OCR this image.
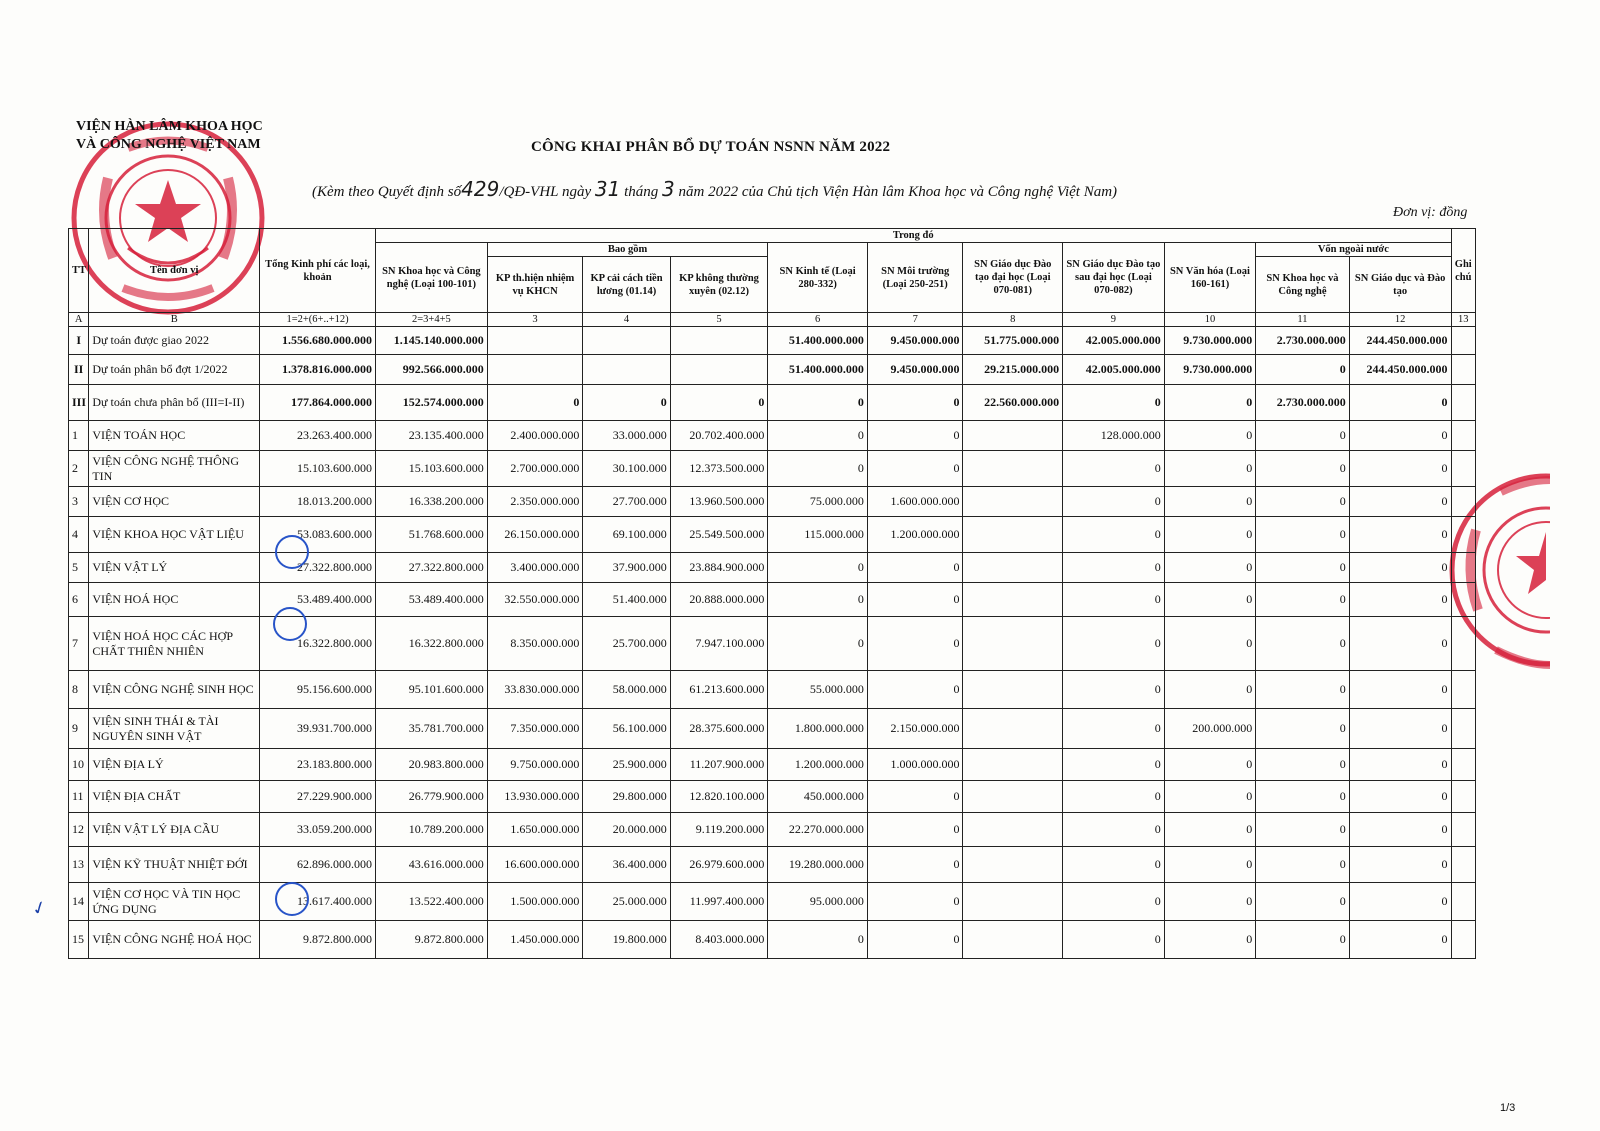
VIỆN HÀN LÂM KHOA HỌC
VÀ CÔNG NGHỆ VIỆT NAM	CÔNG KHAI PHÂN BỔ DỰ TOÁN NSNN NĂM 2022
(Kèm theo Quyết định số429/QĐ-VHL ngày 31 tháng 3 năm 2022 của Chủ tịch Viện Hàn lâm Khoa học và Công nghệ Việt Nam)
Đơn vị: đồng
TT	Tên đơn vị	Tổng Kinh phí các loại, khoản	Trong đó											Ghi chú
			SN Khoa học và Công nghệ (Loại 100-101)	Bao gồm			SN Kinh tế (Loại 280-332)	SN Môi trường (Loại 250-251)	SN Giáo dục Đào tạo đại học (Loại 070-081)	SN Giáo dục Đào tạo sau đại học (Loại 070-082)	SN Văn hóa (Loại 160-161)	Vốn ngoài nước		
				KP th.hiện nhiệm vụ KHCN	KP cải cách tiền lương (01.14)	KP không thường xuyên (02.12)						SN Khoa học và Công nghệ	SN Giáo dục và Đào tạo	
A	B	1=2+(6+..+12)	2=3+4+5	3	4	5	6	7	8	9	10	11	12	13
I	Dự toán được giao 2022	1.556.680.000.000	1.145.140.000.000				51.400.000.000	9.450.000.000	51.775.000.000	42.005.000.000	9.730.000.000	2.730.000.000	244.450.000.000	
II	Dự toán phân bổ đợt 1/2022	1.378.816.000.000	992.566.000.000				51.400.000.000	9.450.000.000	29.215.000.000	42.005.000.000	9.730.000.000	0	244.450.000.000	
III	Dự toán chưa phân bổ (III=I-II)	177.864.000.000	152.574.000.000	0	0	0	0	0	22.560.000.000	0	0	2.730.000.000	0	
1	VIỆN TOÁN HỌC	23.263.400.000	23.135.400.000	2.400.000.000	33.000.000	20.702.400.000	0	0		128.000.000	0	0	0	
2	VIỆN CÔNG NGHỆ THÔNG TIN	15.103.600.000	15.103.600.000	2.700.000.000	30.100.000	12.373.500.000	0	0		0	0	0	0	
3	VIỆN CƠ HỌC	18.013.200.000	16.338.200.000	2.350.000.000	27.700.000	13.960.500.000	75.000.000	1.600.000.000		0	0	0	0	
4	VIỆN KHOA HỌC VẬT LIỆU	53.083.600.000	51.768.600.000	26.150.000.000	69.100.000	25.549.500.000	115.000.000	1.200.000.000		0	0	0	0	
5	VIỆN VẬT LÝ	27.322.800.000	27.322.800.000	3.400.000.000	37.900.000	23.884.900.000	0	0		0	0	0	0	
6	VIỆN HOÁ HỌC	53.489.400.000	53.489.400.000	32.550.000.000	51.400.000	20.888.000.000	0	0		0	0	0	0	
7	VIỆN HOÁ HỌC CÁC HỢP CHẤT THIÊN NHIÊN	16.322.800.000	16.322.800.000	8.350.000.000	25.700.000	7.947.100.000	0	0		0	0	0	0	
8	VIỆN CÔNG NGHỆ SINH HỌC	95.156.600.000	95.101.600.000	33.830.000.000	58.000.000	61.213.600.000	55.000.000	0		0	0	0	0	
9	VIỆN SINH THÁI & TÀI NGUYÊN SINH VẬT	39.931.700.000	35.781.700.000	7.350.000.000	56.100.000	28.375.600.000	1.800.000.000	2.150.000.000		0	200.000.000	0	0	
10	VIỆN ĐỊA LÝ	23.183.800.000	20.983.800.000	9.750.000.000	25.900.000	11.207.900.000	1.200.000.000	1.000.000.000		0	0	0	0	
11	VIỆN ĐỊA CHẤT	27.229.900.000	26.779.900.000	13.930.000.000	29.800.000	12.820.100.000	450.000.000	0		0	0	0	0	
12	VIỆN VẬT LÝ ĐỊA CẦU	33.059.200.000	10.789.200.000	1.650.000.000	20.000.000	9.119.200.000	22.270.000.000	0		0	0	0	0	
13	VIỆN KỸ THUẬT NHIỆT ĐỚI	62.896.000.000	43.616.000.000	16.600.000.000	36.400.000	26.979.600.000	19.280.000.000	0		0	0	0	0	
14	VIỆN CƠ HỌC VÀ TIN HỌC ỨNG DỤNG	13.617.400.000	13.522.400.000	1.500.000.000	25.000.000	11.997.400.000	95.000.000	0		0	0	0	0	
15	VIỆN CÔNG NGHỆ HOÁ HỌC	9.872.800.000	9.872.800.000	1.450.000.000	19.800.000	8.403.000.000	0	0		0	0	0	0	
✓
1/3
